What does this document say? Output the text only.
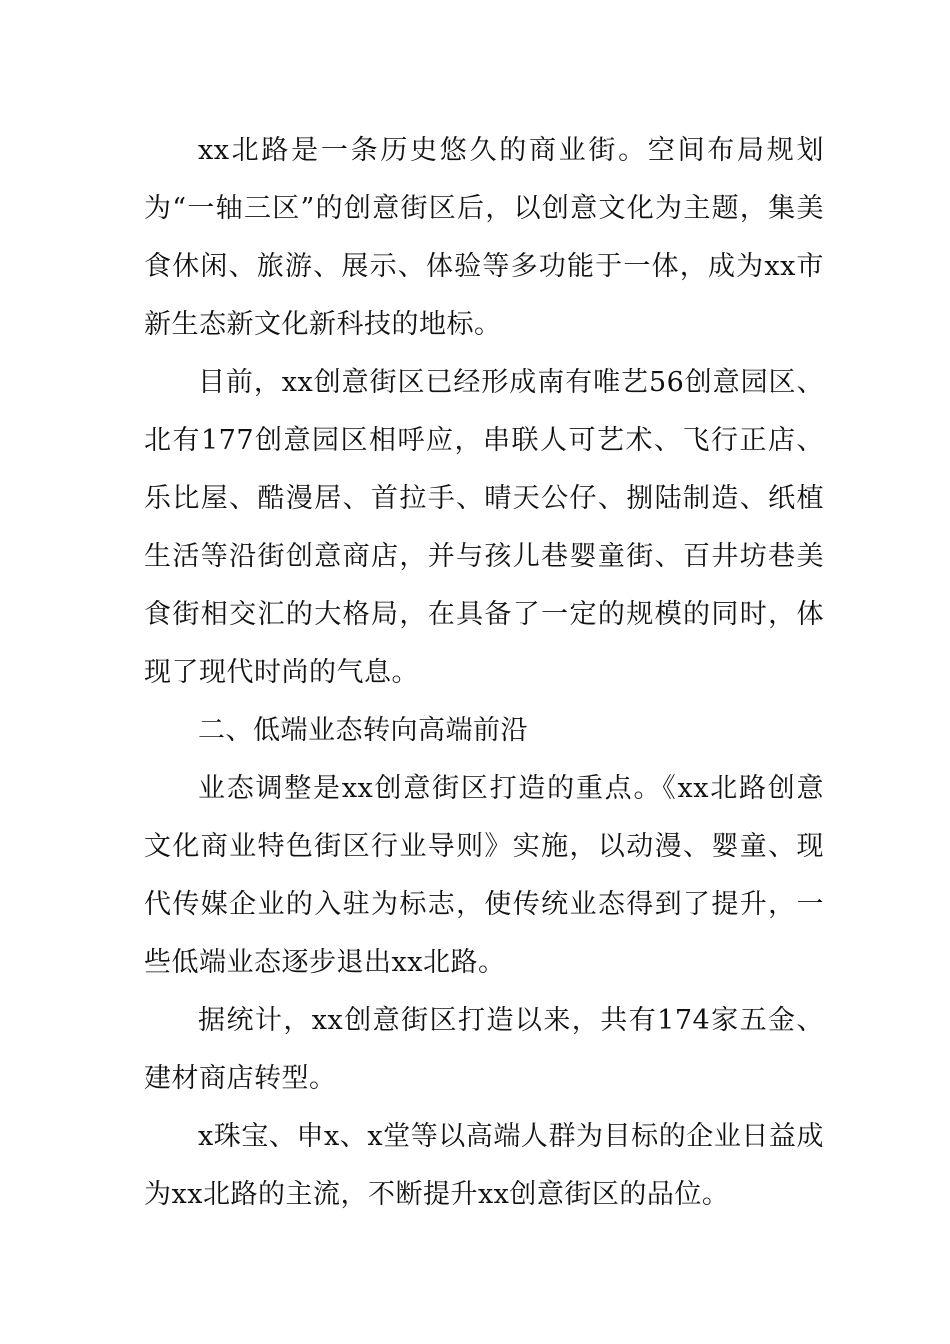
xx北路是一条历史悠久的商业街。空间布局规划为“一轴三区”的创意街区后，以创意文化为主题，集美食休闲、旅游、展示、体验等多功能于一体，成为xx市新生态新文化新科技的地标。

目前，xx创意街区已经形成南有唯艺56创意园区、北有177创意园区相呼应，串联人可艺术、飞行正店、乐比屋、酷漫居、首拉手、晴天公仔、捌陆制造、纸植生活等沿街创意商店，并与孩儿巷婴童街、百井坊巷美食街相交汇的大格局，在具备了一定的规模的同时，体现了现代时尚的气息。

二、低端业态转向高端前沿

业态调整是xx创意街区打造的重点。《xx北路创意文化商业特色街区行业导则》实施，以动漫、婴童、现代传媒企业的入驻为标志，使传统业态得到了提升，一些低端业态逐步退出xx北路。

据统计，xx创意街区打造以来，共有174家五金、建材商店转型。

x珠宝、申x、x堂等以高端人群为目标的企业日益成为xx北路的主流，不断提升xx创意街区的品位。
